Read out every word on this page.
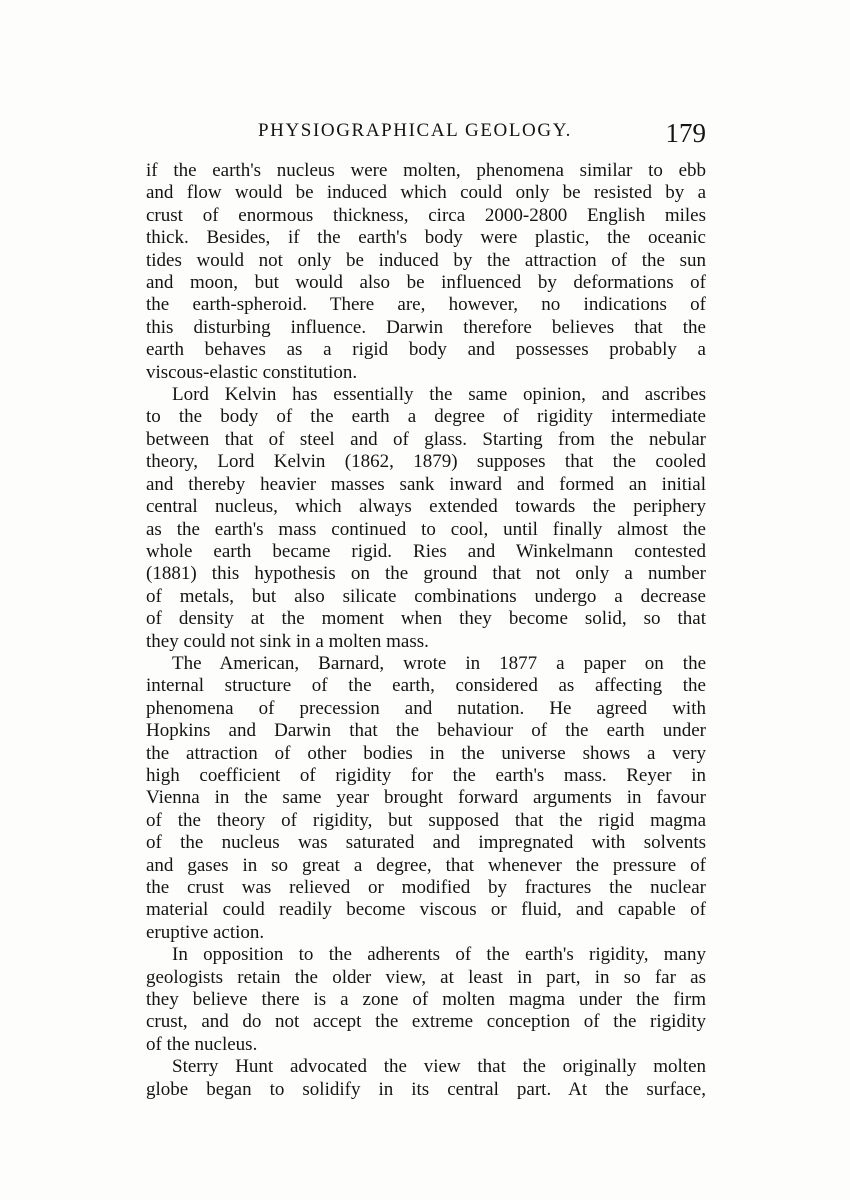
PHYSIOGRAPHICAL GEOLOGY.	179
if the earth's nucleus were molten, phenomena similar to ebb
and flow would be induced which could only be resisted by a
crust of enormous thickness, circa 2000-2800 English miles
thick. Besides, if the earth's body were plastic, the oceanic
tides would not only be induced by the attraction of the sun
and moon, but would also be influenced by deformations of
the earth-spheroid. There are, however, no indications of
this disturbing influence. Darwin therefore believes that the
earth behaves as a rigid body and possesses probably a
viscous-elastic constitution.
Lord Kelvin has essentially the same opinion, and ascribes
to the body of the earth a degree of rigidity intermediate
between that of steel and of glass. Starting from the nebular
theory, Lord Kelvin (1862, 1879) supposes that the cooled
and thereby heavier masses sank inward and formed an initial
central nucleus, which always extended towards the periphery
as the earth's mass continued to cool, until finally almost the
whole earth became rigid. Ries and Winkelmann contested
(1881) this hypothesis on the ground that not only a number
of metals, but also silicate combinations undergo a decrease
of density at the moment when they become solid, so that
they could not sink in a molten mass.
The American, Barnard, wrote in 1877 a paper on the
internal structure of the earth, considered as affecting the
phenomena of precession and nutation. He agreed with
Hopkins and Darwin that the behaviour of the earth under
the attraction of other bodies in the universe shows a very
high coefficient of rigidity for the earth's mass. Reyer in
Vienna in the same year brought forward arguments in favour
of the theory of rigidity, but supposed that the rigid magma
of the nucleus was saturated and impregnated with solvents
and gases in so great a degree, that whenever the pressure of
the crust was relieved or modified by fractures the nuclear
material could readily become viscous or fluid, and capable of
eruptive action.
In opposition to the adherents of the earth's rigidity, many
geologists retain the older view, at least in part, in so far as
they believe there is a zone of molten magma under the firm
crust, and do not accept the extreme conception of the rigidity
of the nucleus.
Sterry Hunt advocated the view that the originally molten
globe began to solidify in its central part. At the surface,
